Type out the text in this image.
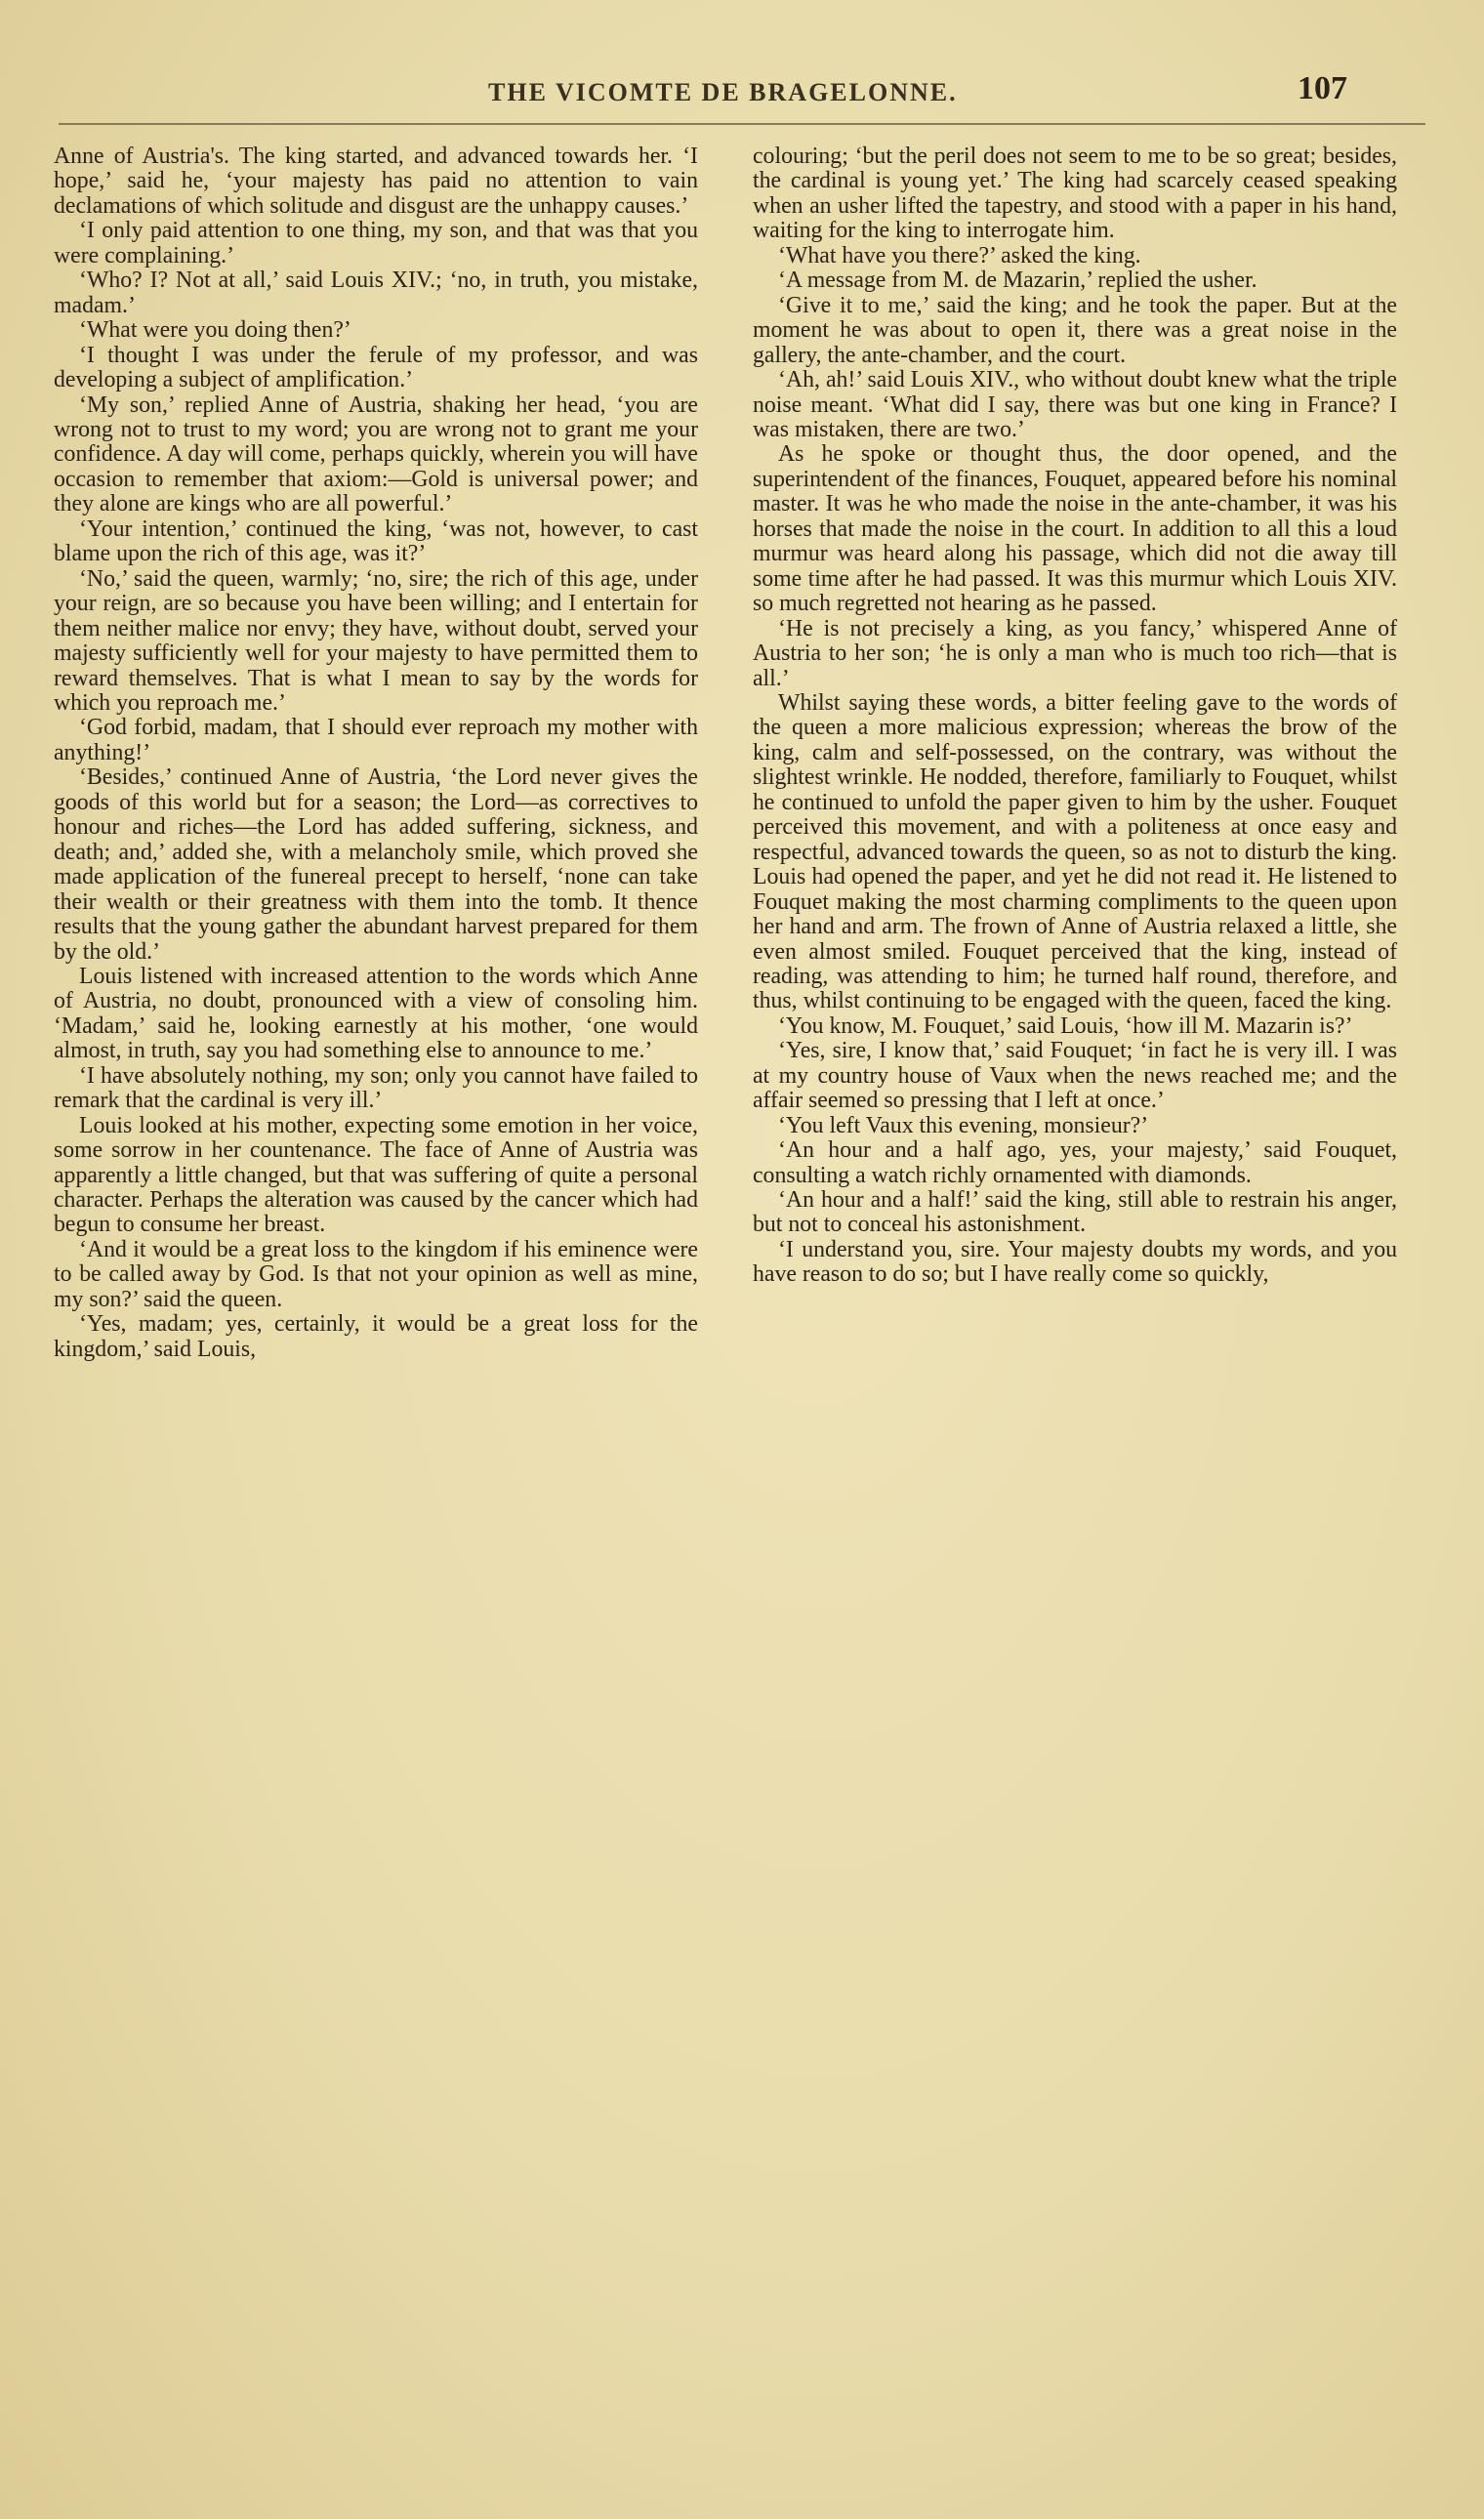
THE VICOMTE DE BRAGELONNE.	107

Anne of Austria's. The king started, and advanced towards her. ‘I hope,’ said he, ‘your majesty has paid no attention to vain declamations of which solitude and disgust are the unhappy causes.’

‘I only paid attention to one thing, my son, and that was that you were complaining.’

‘Who? I? Not at all,’ said Louis XIV.; ‘no, in truth, you mistake, madam.’

‘What were you doing then?’

‘I thought I was under the ferule of my professor, and was developing a subject of amplification.’

‘My son,’ replied Anne of Austria, shaking her head, ‘you are wrong not to trust to my word; you are wrong not to grant me your confidence. A day will come, perhaps quickly, wherein you will have occasion to remember that axiom:—Gold is universal power; and they alone are kings who are all powerful.’

‘Your intention,’ continued the king, ‘was not, however, to cast blame upon the rich of this age, was it?’

‘No,’ said the queen, warmly; ‘no, sire; the rich of this age, under your reign, are so because you have been willing; and I entertain for them neither malice nor envy; they have, without doubt, served your majesty sufficiently well for your majesty to have permitted them to reward themselves. That is what I mean to say by the words for which you reproach me.’

‘God forbid, madam, that I should ever reproach my mother with anything!’

‘Besides,’ continued Anne of Austria, ‘the Lord never gives the goods of this world but for a season; the Lord—as correctives to honour and riches—the Lord has added suffering, sickness, and death; and,’ added she, with a melancholy smile, which proved she made application of the funereal precept to herself, ‘none can take their wealth or their greatness with them into the tomb. It thence results that the young gather the abundant harvest prepared for them by the old.’

Louis listened with increased attention to the words which Anne of Austria, no doubt, pronounced with a view of consoling him. ‘Madam,’ said he, looking earnestly at his mother, ‘one would almost, in truth, say you had something else to announce to me.’

‘I have absolutely nothing, my son; only you cannot have failed to remark that the cardinal is very ill.’

Louis looked at his mother, expecting some emotion in her voice, some sorrow in her countenance. The face of Anne of Austria was apparently a little changed, but that was suffering of quite a personal character. Perhaps the alteration was caused by the cancer which had begun to consume her breast.

‘And it would be a great loss to the kingdom if his eminence were to be called away by God. Is that not your opinion as well as mine, my son?’ said the queen.

‘Yes, madam; yes, certainly, it would be a great loss for the kingdom,’ said Louis,

colouring; ‘but the peril does not seem to me to be so great; besides, the cardinal is young yet.’ The king had scarcely ceased speaking when an usher lifted the tapestry, and stood with a paper in his hand, waiting for the king to interrogate him.

‘What have you there?’ asked the king.

‘A message from M. de Mazarin,’ replied the usher.

‘Give it to me,’ said the king; and he took the paper. But at the moment he was about to open it, there was a great noise in the gallery, the ante-chamber, and the court.

‘Ah, ah!’ said Louis XIV., who without doubt knew what the triple noise meant. ‘What did I say, there was but one king in France? I was mistaken, there are two.’

As he spoke or thought thus, the door opened, and the superintendent of the finances, Fouquet, appeared before his nominal master. It was he who made the noise in the ante-chamber, it was his horses that made the noise in the court. In addition to all this a loud murmur was heard along his passage, which did not die away till some time after he had passed. It was this murmur which Louis XIV. so much regretted not hearing as he passed.

‘He is not precisely a king, as you fancy,’ whispered Anne of Austria to her son; ‘he is only a man who is much too rich—that is all.’

Whilst saying these words, a bitter feeling gave to the words of the queen a more malicious expression; whereas the brow of the king, calm and self-possessed, on the contrary, was without the slightest wrinkle. He nodded, therefore, familiarly to Fouquet, whilst he continued to unfold the paper given to him by the usher. Fouquet perceived this movement, and with a politeness at once easy and respectful, advanced towards the queen, so as not to disturb the king. Louis had opened the paper, and yet he did not read it. He listened to Fouquet making the most charming compliments to the queen upon her hand and arm. The frown of Anne of Austria relaxed a little, she even almost smiled. Fouquet perceived that the king, instead of reading, was attending to him; he turned half round, therefore, and thus, whilst continuing to be engaged with the queen, faced the king.

‘You know, M. Fouquet,’ said Louis, ‘how ill M. Mazarin is?’

‘Yes, sire, I know that,’ said Fouquet; ‘in fact he is very ill. I was at my country house of Vaux when the news reached me; and the affair seemed so pressing that I left at once.’

‘You left Vaux this evening, monsieur?’

‘An hour and a half ago, yes, your majesty,’ said Fouquet, consulting a watch richly ornamented with diamonds.

‘An hour and a half!’ said the king, still able to restrain his anger, but not to conceal his astonishment.

‘I understand you, sire. Your majesty doubts my words, and you have reason to do so; but I have really come so quickly,
